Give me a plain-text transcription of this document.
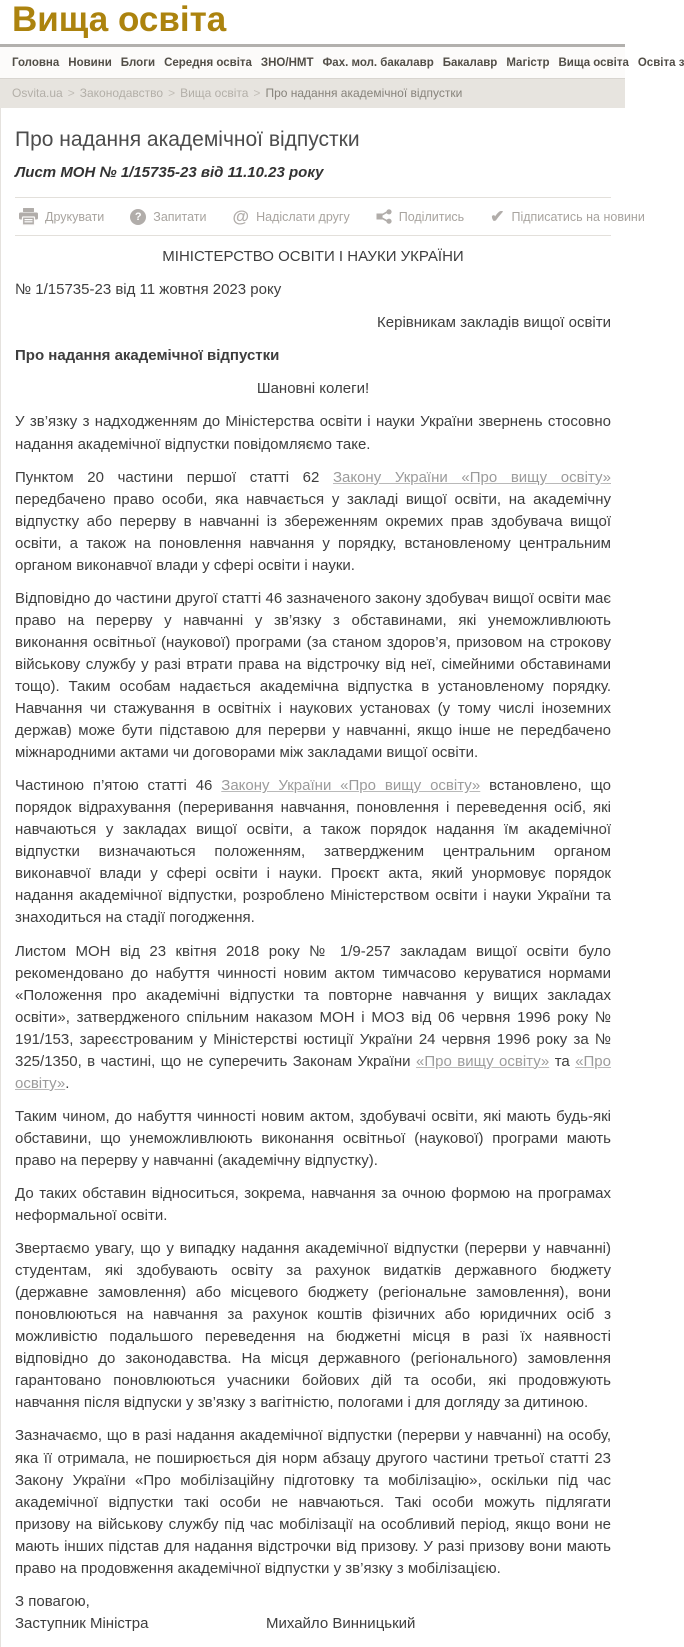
Вища освіта
Головна Новини Блоги Середня освіта ЗНО/НМТ Фах. мол. бакалавр Бакалавр Магістр Вища освіта Освіта з
Osvita.ua > Законодавство > Вища освіта > Про надання академічної відпустки
Про надання академічної відпустки
Лист МОН № 1/15735-23 від 11.10.23 року
Друкувати	? Запитати @ Надіслати другу	Поділитись ✔ Підписатись на новини

МІНІСТЕРСТВО ОСВІТИ І НАУКИ УКРАЇНИ

№ 1/15735-23 від 11 жовтня 2023 року

Керівникам закладів вищої освіти

Про надання академічної відпустки

Шановні колеги!

У зв’язку з надходженням до Міністерства освіти і науки України звернень стосовно надання академічної відпустки повідомляємо таке.

Пунктом 20 частини першої статті 62 Закону України «Про вищу освіту» передбачено право особи, яка навчається у закладі вищої освіти, на академічну відпустку або перерву в навчанні із збереженням окремих прав здобувача вищої освіти, а також на поновлення навчання у порядку, встановленому центральним органом виконавчої влади у сфері освіти і науки.

Відповідно до частини другої статті 46 зазначеного закону здобувач вищої освіти має право на перерву у навчанні у зв’язку з обставинами, які унеможливлюють виконання освітньої (наукової) програми (за станом здоров’я, призовом на строкову військову службу у разі втрати права на відстрочку від неї, сімейними обставинами тощо). Таким особам надається академічна відпустка в установленому порядку. Навчання чи стажування в освітніх і наукових установах (у тому числі іноземних держав) може бути підставою для перерви у навчанні, якщо інше не передбачено міжнародними актами чи договорами між закладами вищої освіти.

Частиною п’ятою статті 46 Закону України «Про вищу освіту» встановлено, що порядок відрахування (переривання навчання, поновлення і переведення осіб, які навчаються у закладах вищої освіти, а також порядок надання їм академічної відпустки визначаються положенням, затвердженим центральним органом виконавчої влади у сфері освіти і науки. Проєкт акта, який унормовує порядок надання академічної відпустки, розроблено Міністерством освіти і науки України та знаходиться на стадії погодження.

Листом МОН від 23 квітня 2018 року № 1/9-257 закладам вищої освіти було рекомендовано до набуття чинності новим актом тимчасово керуватися нормами «Положення про академічні відпустки та повторне навчання у вищих закладах освіти», затвердженого спільним наказом МОН і МОЗ від 06 червня 1996 року № 191/153, зареєстрованим у Міністерстві юстиції України 24 червня 1996 року за № 325/1350, в частині, що не суперечить Законам України «Про вищу освіту» та «Про освіту».

Таким чином, до набуття чинності новим актом, здобувачі освіти, які мають будь-які обставини, що унеможливлюють виконання освітньої (наукової) програми мають право на перерву у навчанні (академічну відпустку).

До таких обставин відноситься, зокрема, навчання за очною формою на програмах неформальної освіти.

Звертаємо увагу, що у випадку надання академічної відпустки (перерви у навчанні) студентам, які здобувають освіту за рахунок видатків державного бюджету (державне замовлення) або місцевого бюджету (регіональне замовлення), вони поновлюються на навчання за рахунок коштів фізичних або юридичних осіб з можливістю подальшого переведення на бюджетні місця в разі їх наявності відповідно до законодавства. На місця державного (регіонального) замовлення гарантовано поновлюються учасники бойових дій та особи, які продовжують навчання після відпуски у зв’язку з вагітністю, пологами і для догляду за дитиною.

Зазначаємо, що в разі надання академічної відпустки (перерви у навчанні) на особу, яка її отримала, не поширюється дія норм абзацу другого частини третьої статті 23 Закону України «Про мобілізаційну підготовку та мобілізацію», оскільки під час академічної відпустки такі особи не навчаються. Такі особи можуть підлягати призову на військову службу під час мобілізації на особливий період, якщо вони не мають інших підстав для надання відстрочки від призову. У разі призову вони мають право на продовження академічної відпустки у зв’язку з мобілізацією.

З повагою,

Заступник Міністра	Михайло Винницький
